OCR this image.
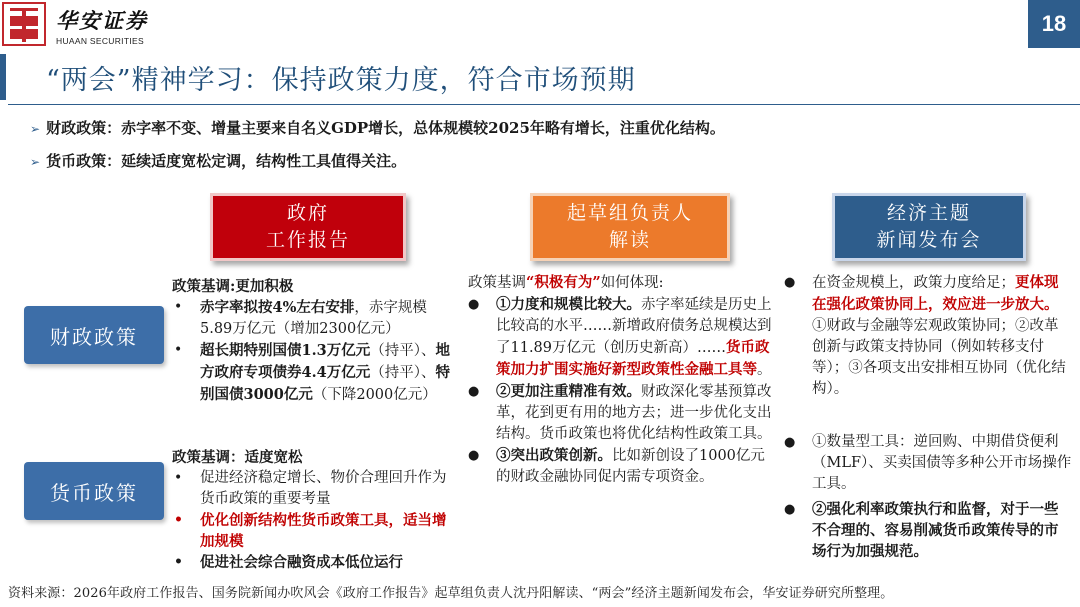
华安证券
HUAAN SECURITIES
18
“两会”精神学习：保持政策力度，符合市场预期
➢ 财政政策：赤字率不变、增量主要来自名义GDP增长，总体规模较2025年略有增长，注重优化结构。
➢ 货币政策：延续适度宽松定调，结构性工具值得关注。
政府
工作报告
起草组负责人
解读
经济主题
新闻发布会
财政政策
货币政策
政策基调:更加积极
• 赤字率拟按4%左右安排，赤字规模5.89万亿元（增加2300亿元）
• 超长期特别国债1.3万亿元（持平）、地方政府专项债券4.4万亿元（持平）、特别国债3000亿元（下降2000亿元）
政策基调：适度宽松
• 促进经济稳定增长、物价合理回升作为货币政策的重要考量
• 优化创新结构性货币政策工具，适当增加规模
• 促进社会综合融资成本低位运行
政策基调“积极有为”如何体现:
● ①力度和规模比较大。赤字率延续是历史上比较高的水平……新增政府债务总规模达到了11.89万亿元（创历史新高）……货币政策加力扩围实施好新型政策性金融工具等。
● ②更加注重精准有效。财政深化零基预算改革，花到更有用的地方去；进一步优化支出结构。货币政策也将优化结构性政策工具。
● ③突出政策创新。比如新创设了1000亿元的财政金融协同促内需专项资金。
● 在资金规模上，政策力度给足；更体现在强化政策协同上，效应进一步放大。①财政与金融等宏观政策协同；②改革创新与政策支持协同（例如转移支付等）；③各项支出安排相互协同（优化结构）。
● ①数量型工具：逆回购、中期借贷便利（MLF）、买卖国债等多种公开市场操作工具。
● ②强化利率政策执行和监督，对于一些不合理的、容易削减货币政策传导的市场行为加强规范。
资料来源：2026年政府工作报告、国务院新闻办吹风会《政府工作报告》起草组负责人沈丹阳解读、“两会”经济主题新闻发布会，华安证券研究所整理。
